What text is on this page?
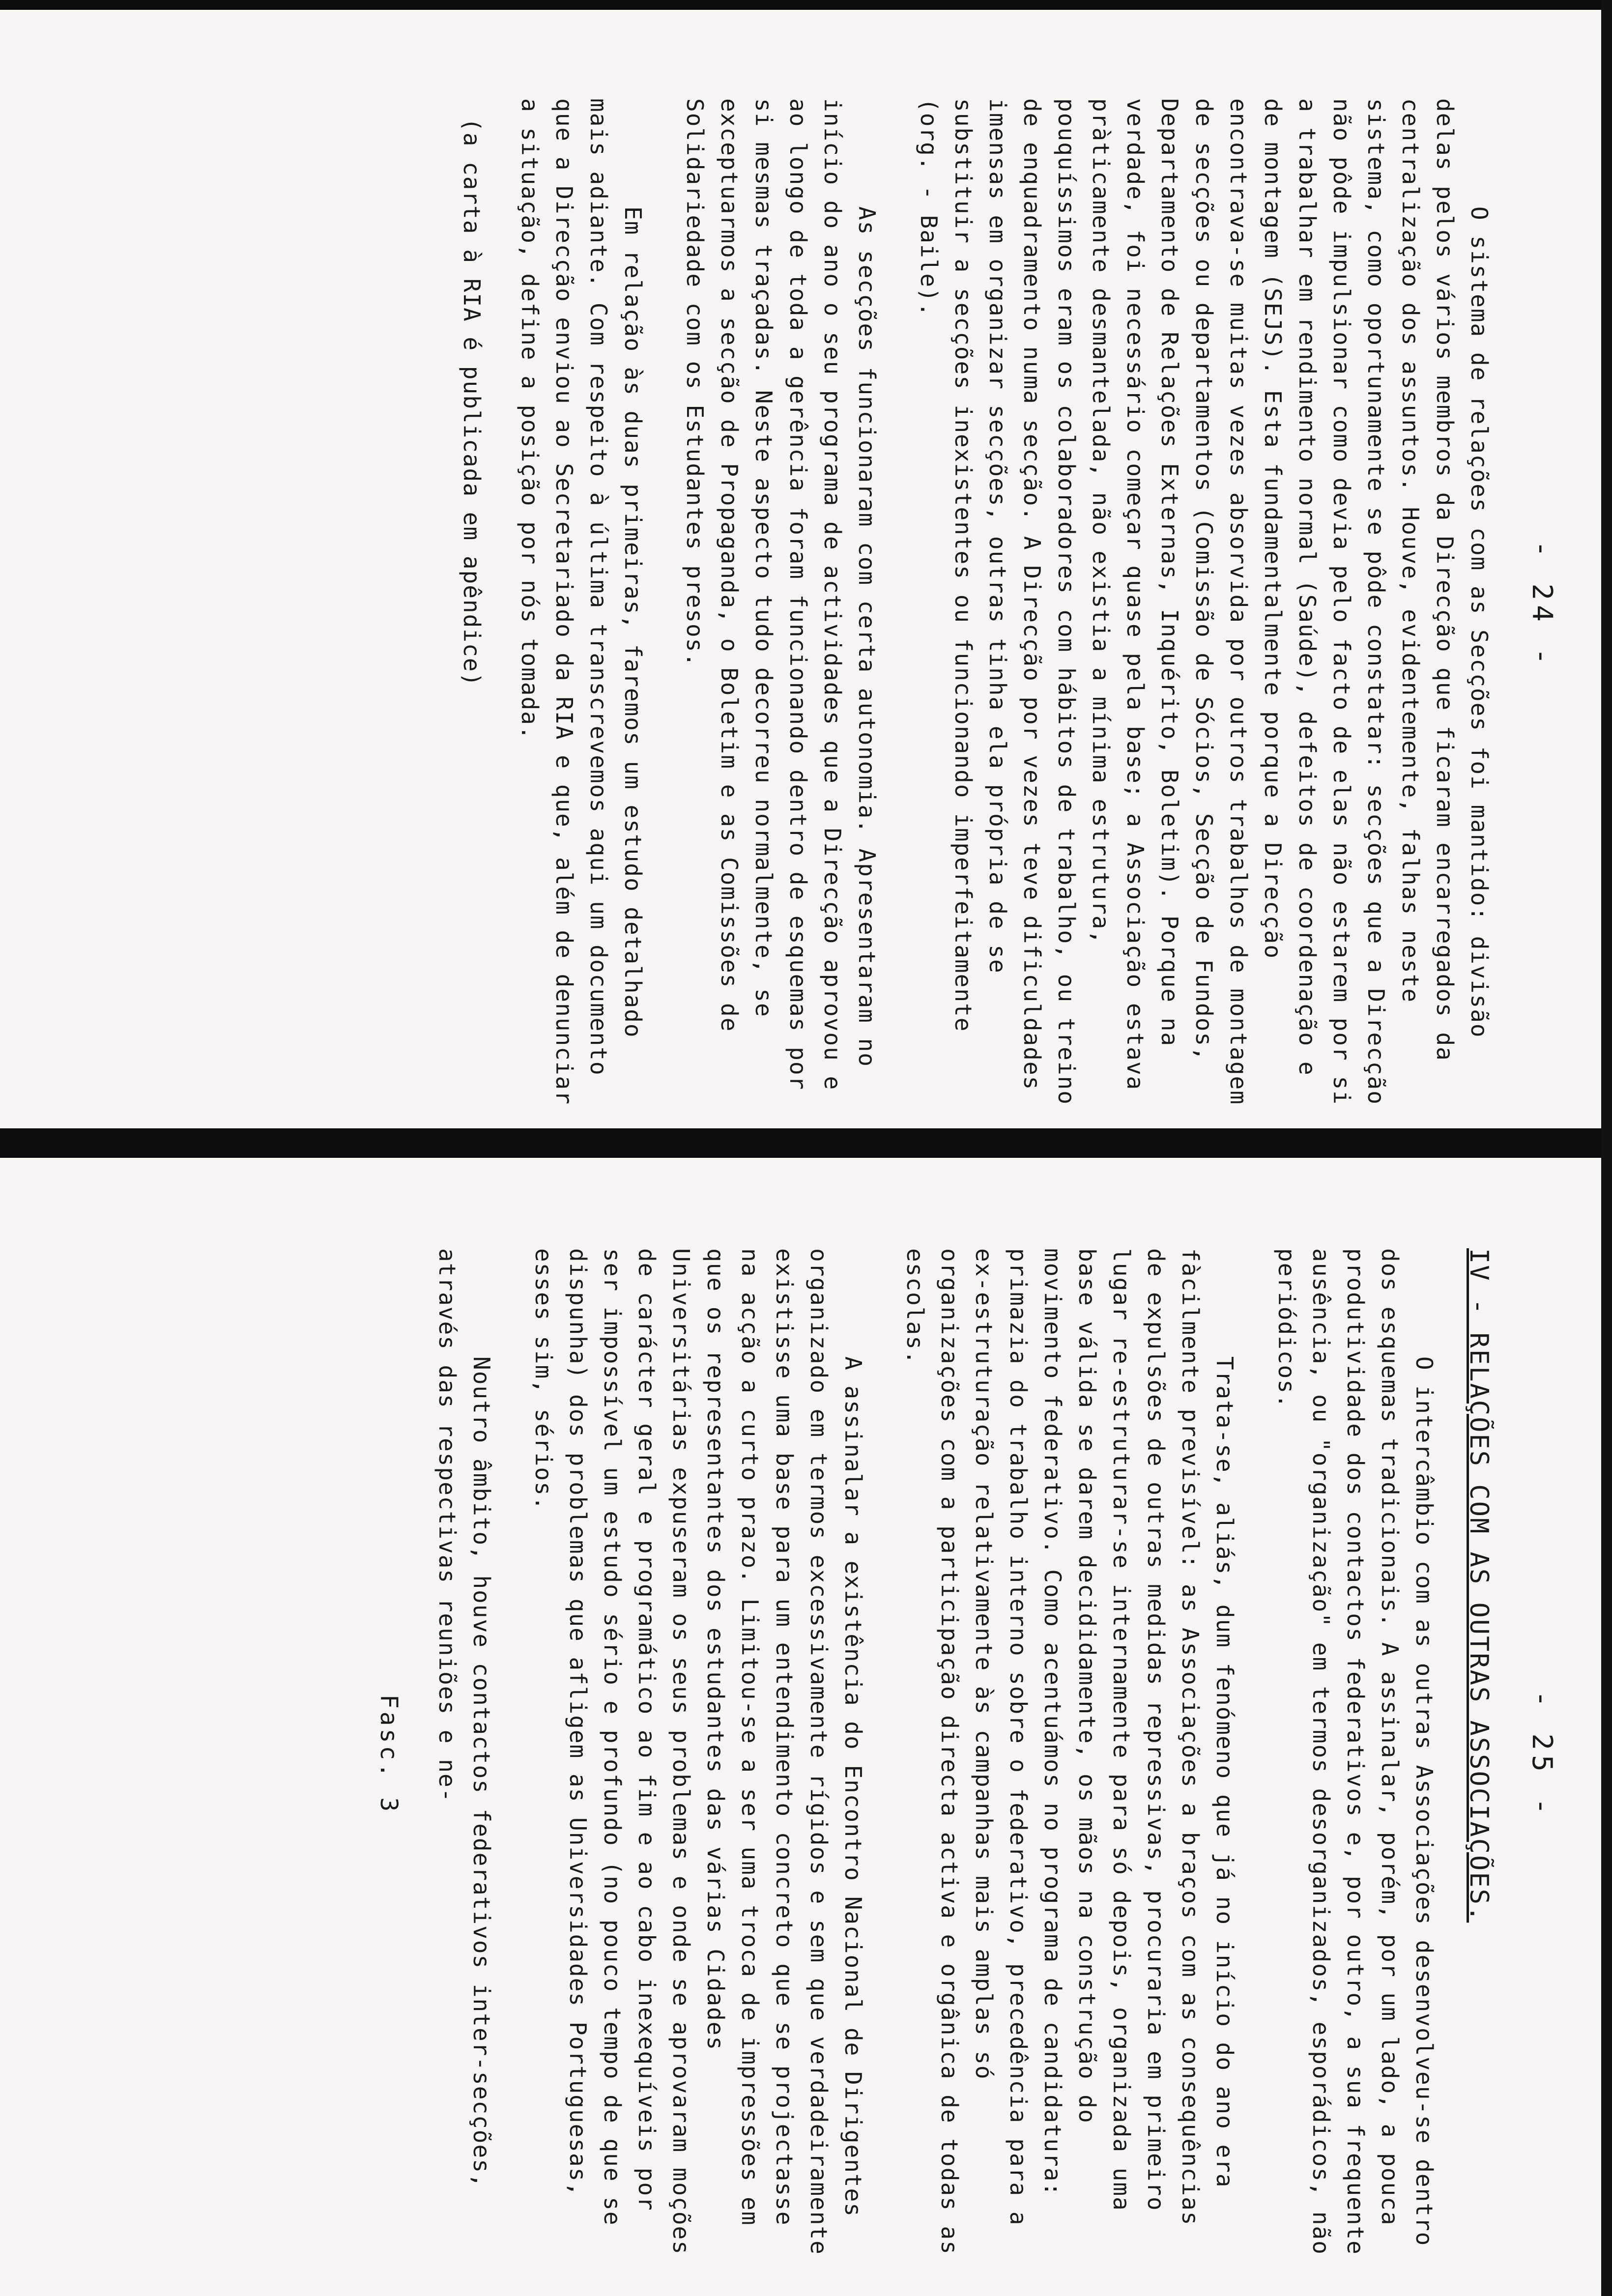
- 24 -

O sistema de relações com as Secções foi mantido: divisão delas pelos vários membros da Direcção que ficaram encarregados da centralização dos assuntos. Houve, evidentemente, falhas neste sistema, como oportunamente se pôde constatar: secções que a Direcção não pôde impulsionar como devia pelo facto de elas não estarem por si a trabalhar em rendimento normal (Saúde), defeitos de coordenação e de montagem (SEJS). Esta fundamentalmente porque a Direcção encontrava-se muitas vezes absorvida por outros trabalhos de montagem de secções ou departamentos (Comissão de Sócios, Secção de Fundos, Departamento de Relações Externas, Inquérito, Boletim). Porque na verdade, foi necessário começar quase pela base; a Associação estava pràticamente desmantelada, não existia a mínima estrutura, pouquíssimos eram os colaboradores com hábitos de trabalho, ou treino de enquadramento numa secção. A Direcção por vezes teve dificuldades imensas em organizar secções, outras tinha ela própria de se substituir a secções inexistentes ou funcionando imperfeitamente (org. - Baile).

As secções funcionaram com certa autonomia. Apresentaram no início do ano o seu programa de actividades que a Direcção aprovou e ao longo de toda a gerência foram funcionando dentro de esquemas por si mesmas traçadas. Neste aspecto tudo decorreu normalmente, se exceptuarmos a secção de Propaganda, o Boletim e as Comissões de Solidariedade com os Estudantes presos.

Em relação às duas primeiras, faremos um estudo detalhado mais adiante. Com respeito à última transcrevemos aqui um documento que a Direcção enviou ao Secretariado da RIA e que, além de denunciar a situação, define a posição por nós tomada.

(a carta à RIA é publicada em apêndice)
- 25 -
IV - RELAÇÕES COM AS OUTRAS ASSOCIAÇÕES.

O intercâmbio com as outras Associações desenvolveu-se dentro dos esquemas tradicionais. A assinalar, porém, por um lado, a pouca produtividade dos contactos federativos e, por outro, a sua frequente ausência, ou "organização" em termos desorganizados, esporádicos, não periódicos.

Trata-se, aliás, dum fenómeno que já no início do ano era fàcilmente previsível: as Associações a braços com as consequências de expulsões de outras medidas repressivas, procuraria em primeiro lugar re-estruturar-se internamente para só depois, organizada uma base válida se darem decididamente, os mãos na construção do movimento federativo. Como acentuámos no programa de candidatura: primazia do trabalho interno sobre o federativo, precedência para a ex-estruturação relativamente às campanhas mais amplas só organizações com a participação directa activa e orgânica de todas as escolas.

A assinalar a existência do Encontro Nacional de Dirigentes organizado em termos excessivamente rígidos e sem que verdadeiramente existisse uma base para um entendimento concreto que se projectasse na acção a curto prazo. Limitou-se a ser uma troca de impressões em que os representantes dos estudantes das várias Cidades Universitárias expuseram os seus problemas e onde se aprovaram moções de carácter geral e programático ao fim e ao cabo inexequíveis por ser impossível um estudo sério e profundo (no pouco tempo de que se dispunha) dos problemas que afligem as Universidades Portuguesas, esses sim, sérios.

Noutro âmbito, houve contactos federativos inter-secções, através das respectivas reuniões e ne-

Fasc. 3
